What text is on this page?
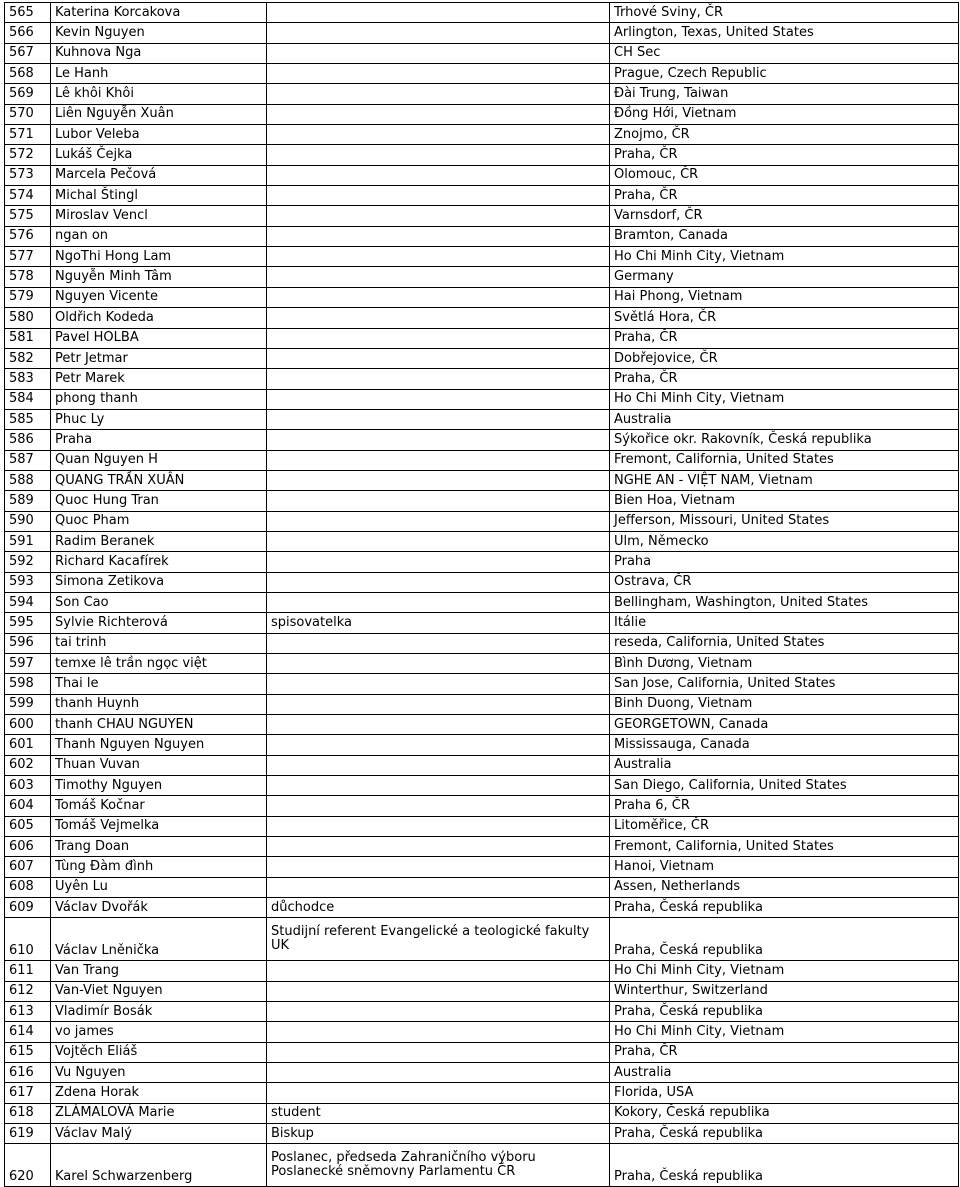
565	Katerina Korcakova		Trhové Sviny, ČR
566	Kevin Nguyen		Arlington, Texas, United States
567	Kuhnova Nga		CH Sec
568	Le Hanh		Prague, Czech Republic
569	Lê khôi Khôi		Đài Trung, Taiwan
570	Liên Nguyễn Xuân		Đồng Hới, Vietnam
571	Lubor Veleba		Znojmo, ČR
572	Lukáš Čejka		Praha, ČR
573	Marcela Pečová		Olomouc, ČR
574	Michal Štingl		Praha, ČR
575	Miroslav Vencl		Varnsdorf, ČR
576	ngan on		Bramton, Canada
577	NgoThi Hong Lam		Ho Chi Minh City, Vietnam
578	Nguyễn Minh Tâm		Germany
579	Nguyen Vicente		Hai Phong, Vietnam
580	Oldřich Kodeda		Světlá Hora, ČR
581	Pavel HOLBA		Praha, ČR
582	Petr Jetmar		Dobřejovice, ČR
583	Petr Marek		Praha, ČR
584	phong thanh		Ho Chi Minh City, Vietnam
585	Phuc Ly		Australia
586	Praha		Sýkořice okr. Rakovník, Česká republika
587	Quan Nguyen H		Fremont, California, United States
588	QUANG TRẦN XUÂN		NGHE AN - VIỆT NAM, Vietnam
589	Quoc Hung Tran		Bien Hoa, Vietnam
590	Quoc Pham		Jefferson, Missouri, United States
591	Radim Beranek		Ulm, Německo
592	Richard Kacafírek		Praha
593	Simona Zetikova		Ostrava, ČR
594	Son Cao		Bellingham, Washington, United States
595	Sylvie Richterová	spisovatelka	Itálie
596	tai trinh		reseda, California, United States
597	temxe lê trần ngọc việt		Bình Dương, Vietnam
598	Thai le		San Jose, California, United States
599	thanh Huynh		Binh Duong, Vietnam
600	thanh CHAU NGUYEN		GEORGETOWN, Canada
601	Thanh Nguyen Nguyen		Mississauga, Canada
602	Thuan Vuvan		Australia
603	Timothy Nguyen		San Diego, California, United States
604	Tomáš Kočnar		Praha 6, ČR
605	Tomáš Vejmelka		Litoměřice, ČR
606	Trang Doan		Fremont, California, United States
607	Tùng Đàm đình		Hanoi, Vietnam
608	Uyên Lu		Assen, Netherlands
609	Václav Dvořák	důchodce	Praha, Česká republika
610	Václav Lněnička	Studijní referent Evangelické a teologické fakulty UK	Praha, Česká republika
611	Van Trang		Ho Chi Minh City, Vietnam
612	Van-Viet Nguyen		Winterthur, Switzerland
613	Vladimír Bosák		Praha, Česká republika
614	vo james		Ho Chi Minh City, Vietnam
615	Vojtěch Eliáš		Praha, ČR
616	Vu Nguyen		Australia
617	Zdena Horak		Florida, USA
618	ZLÁMALOVÁ Marie	student	Kokory, Česká republika
619	Václav Malý	Biskup	Praha, Česká republika
620	Karel Schwarzenberg	Poslanec, předseda Zahraničního výboru Poslanecké sněmovny Parlamentu ČR	Praha, Česká republika
